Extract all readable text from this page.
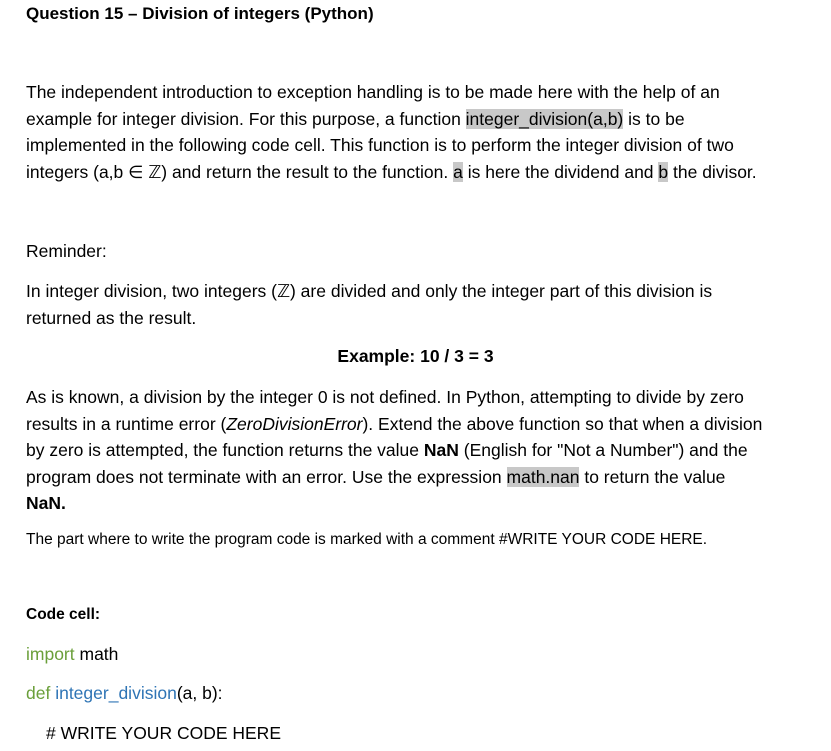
Question 15 – Division of integers (Python)
The independent introduction to exception handling is to be made here with the help of an
example for integer division. For this purpose, a function integer_division(a,b) is to be
implemented in the following code cell. This function is to perform the integer division of two
integers (a,b ∈ ℤ) and return the result to the function. a is here the dividend and b the divisor.
Reminder:
In integer division, two integers (ℤ) are divided and only the integer part of this division is
returned as the result.
Example: 10 / 3 = 3
As is known, a division by the integer 0 is not defined. In Python, attempting to divide by zero
results in a runtime error (ZeroDivisionError). Extend the above function so that when a division
by zero is attempted, the function returns the value NaN (English for "Not a Number") and the
program does not terminate with an error. Use the expression math.nan to return the value
NaN.
The part where to write the program code is marked with a comment #WRITE YOUR CODE HERE.
Code cell:
import math
def integer_division(a, b):
# WRITE YOUR CODE HERE
